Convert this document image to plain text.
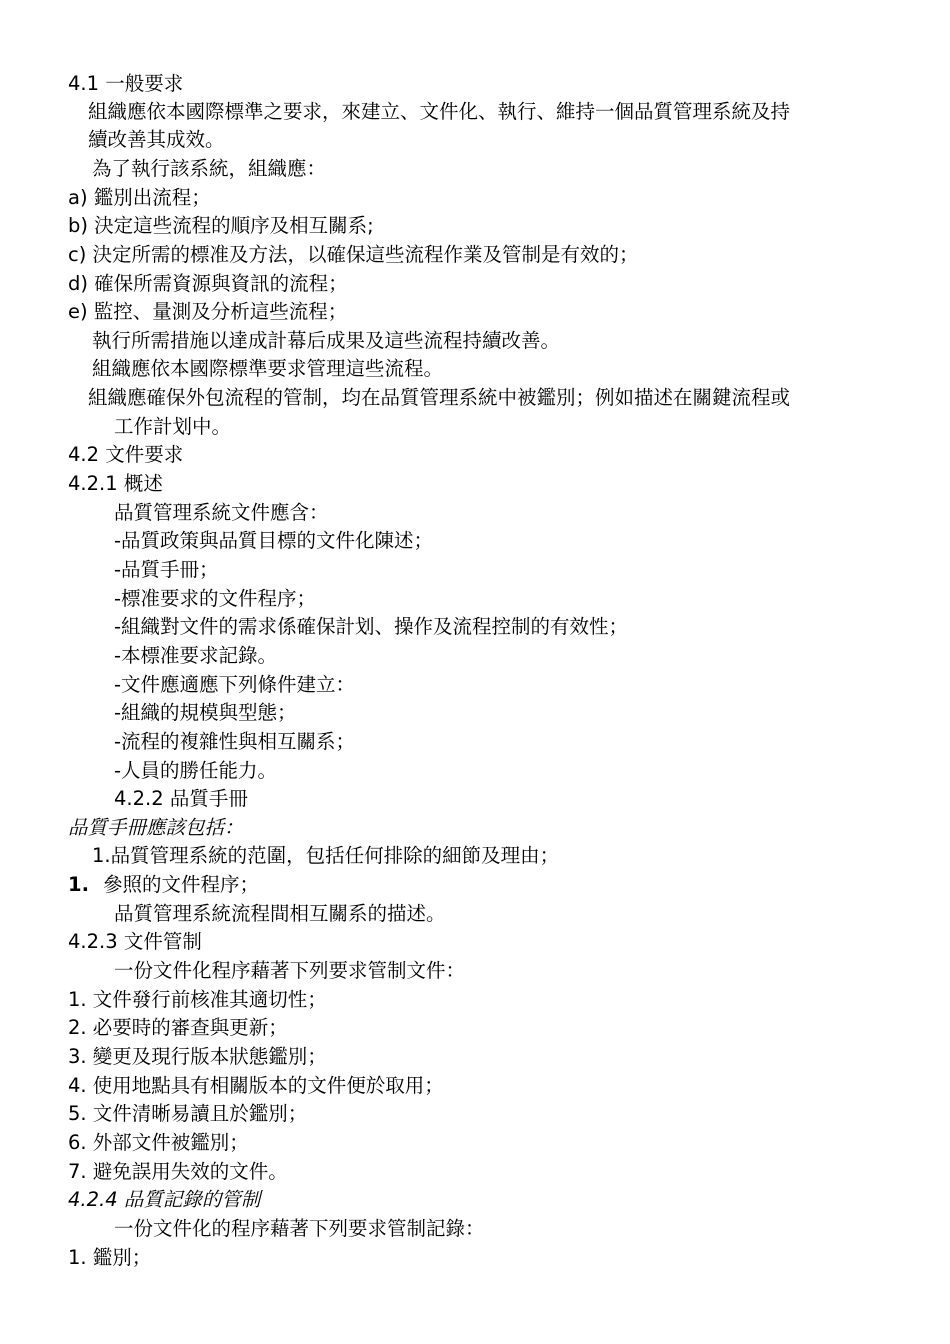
4.1 一般要求
組織應依本國際標準之要求，來建立、文件化、執行、維持一個品質管理系統及持
續改善其成效。
為了執行該系統，組織應：
a) 鑑別出流程；
b) 決定這些流程的順序及相互關系;
c) 決定所需的標准及方法，以確保這些流程作業及管制是有效的；
d) 確保所需資源與資訊的流程；
e) 監控、量測及分析這些流程；
執行所需措施以達成計幕后成果及這些流程持續改善。
組織應依本國際標準要求管理這些流程。
組織應確保外包流程的管制，均在品質管理系統中被鑑別；例如描述在關鍵流程或
工作計划中。
4.2 文件要求
4.2.1 概述
品質管理系統文件應含：
-品質政策與品質目標的文件化陳述；
-品質手冊；
-標准要求的文件程序；
-組織對文件的需求係確保計划、操作及流程控制的有效性；
-本標准要求記錄。
-文件應適應下列條件建立：
-組織的規模與型態；
-流程的複雜性與相互關系；
-人員的勝任能力。
4.2.2 品質手冊
品質手冊應該包括：
1.品質管理系統的范圍，包括任何排除的細節及理由；
1. 參照的文件程序；
品質管理系統流程間相互關系的描述。
4.2.3 文件管制
一份文件化程序藉著下列要求管制文件：
1. 文件發行前核准其適切性；
2. 必要時的審查與更新；
3. 變更及現行版本狀態鑑別；
4. 使用地點具有相關版本的文件便於取用；
5. 文件清晰易讀且於鑑別；
6. 外部文件被鑑別；
7. 避免誤用失效的文件。
4.2.4 品質記錄的管制
一份文件化的程序藉著下列要求管制記錄：
1. 鑑別；
